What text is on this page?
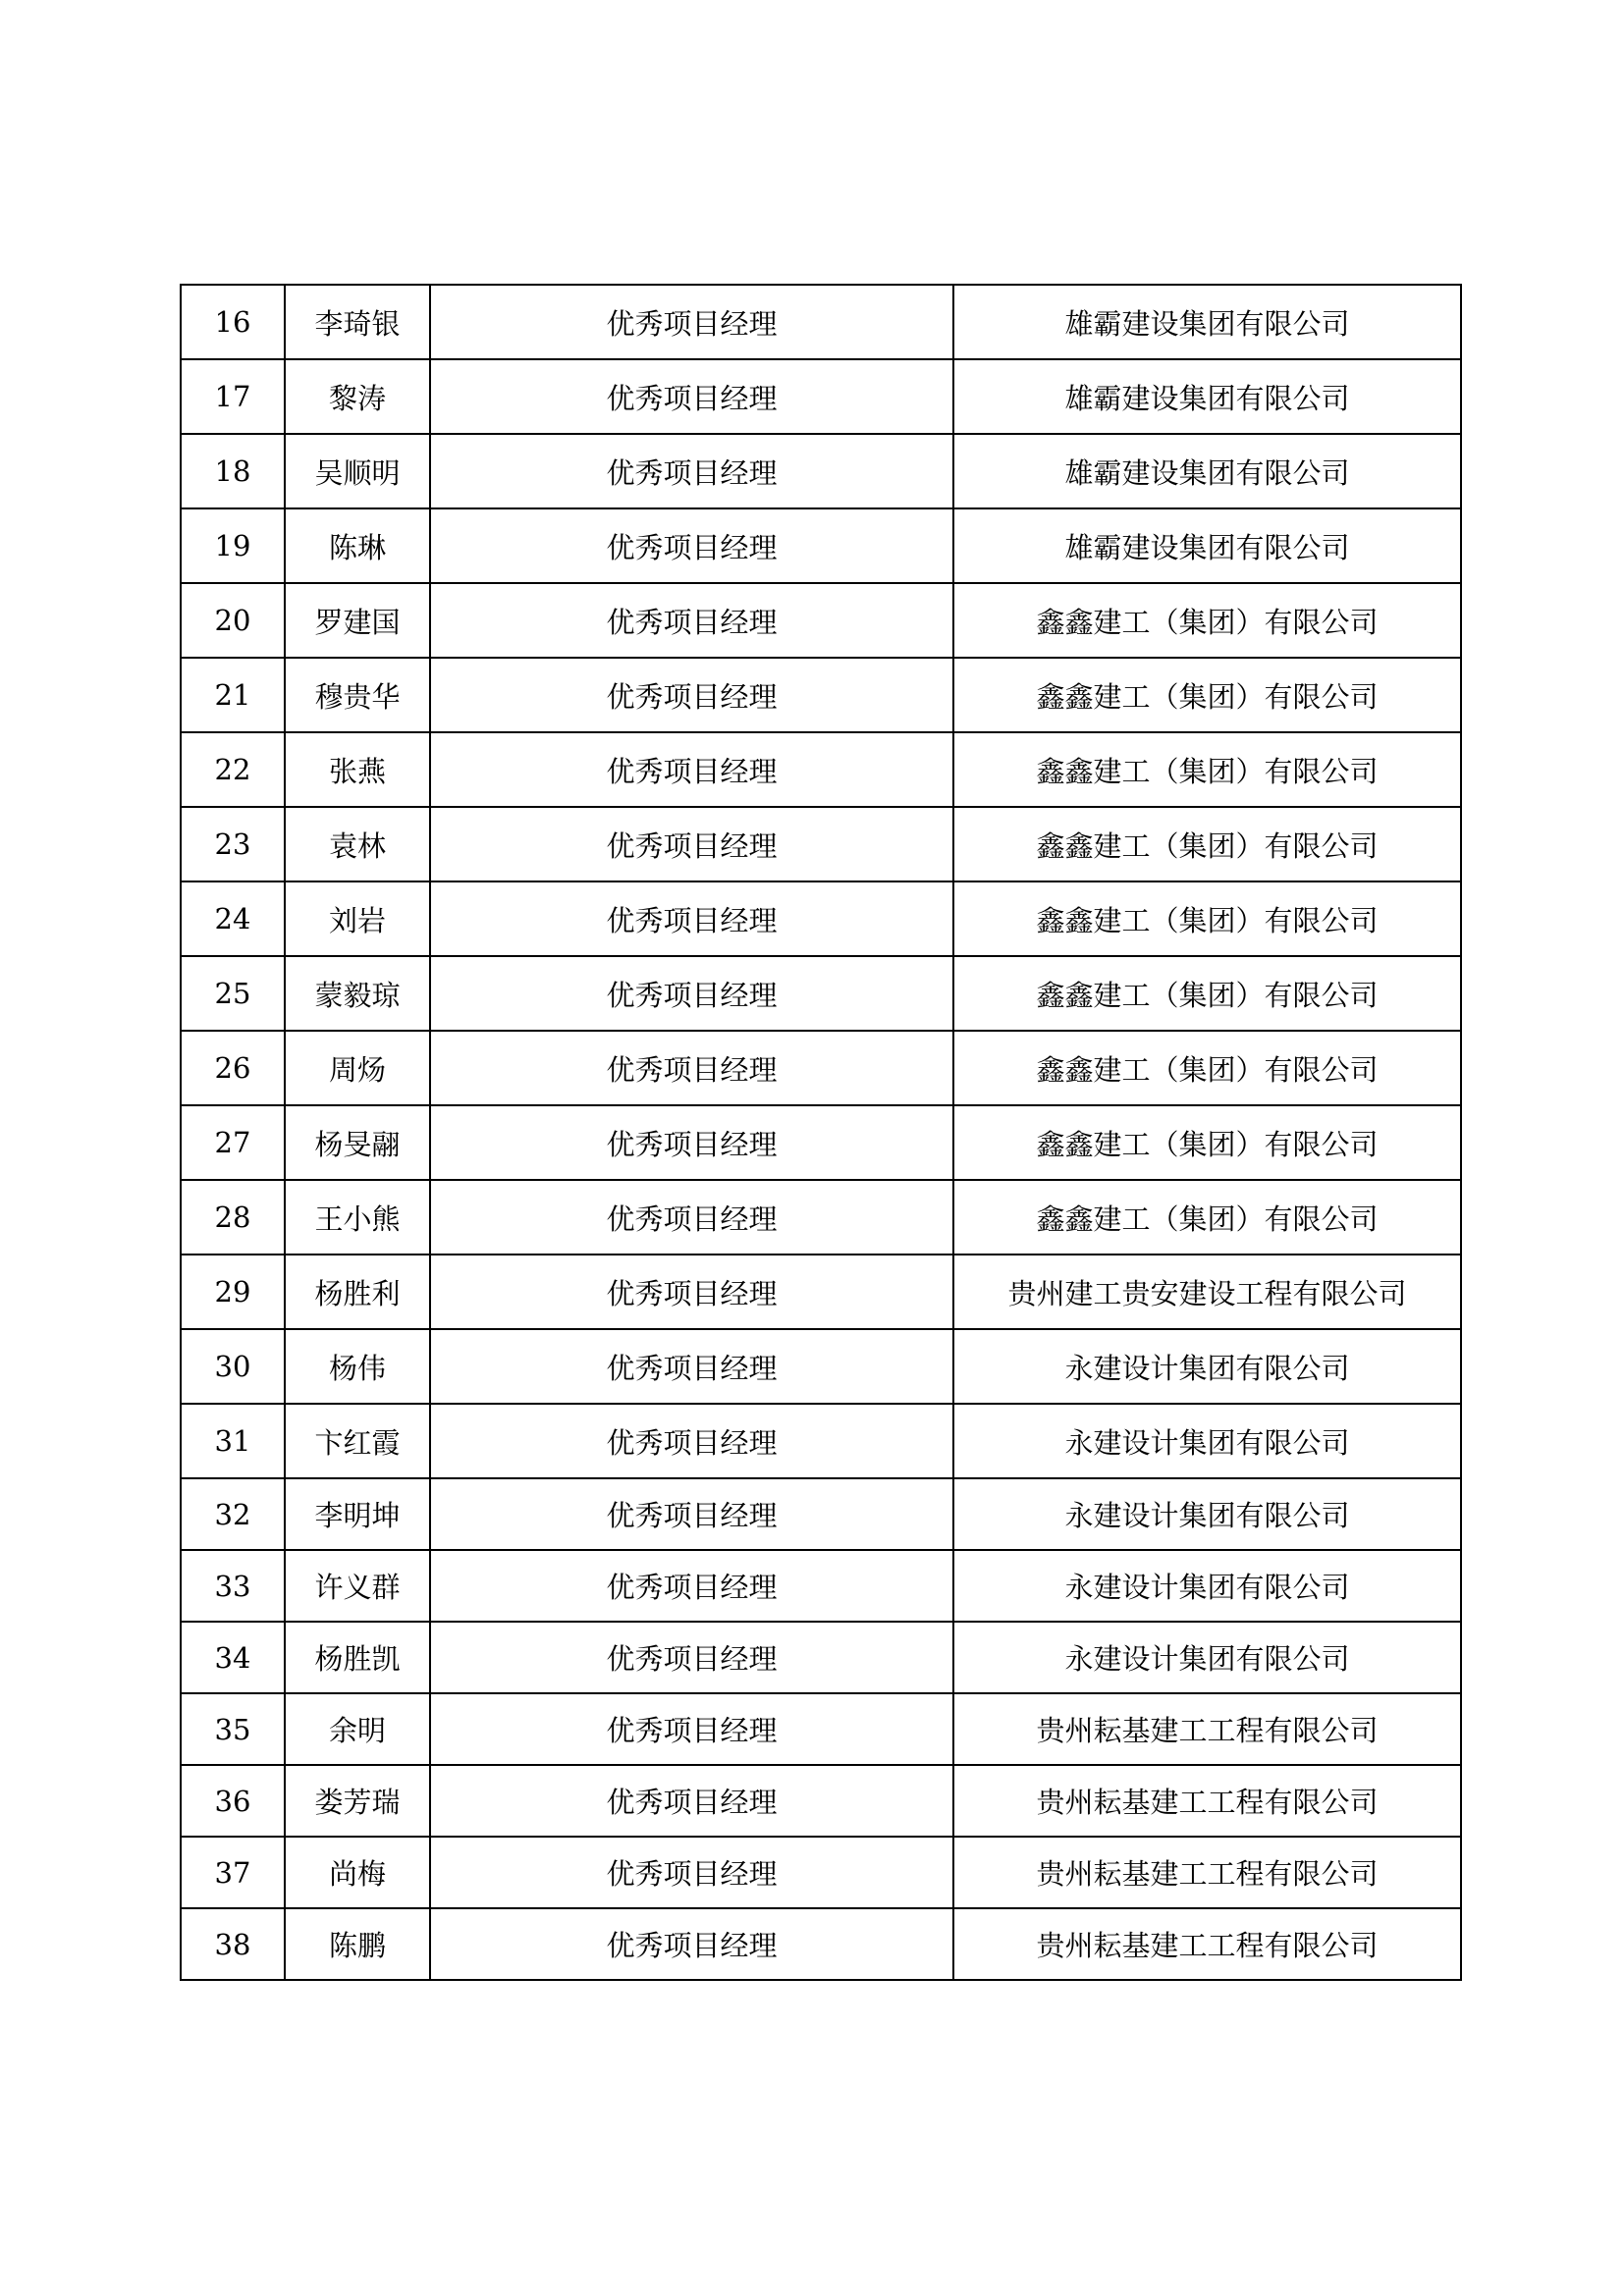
16	李琦银	优秀项目经理	雄霸建设集团有限公司
17	黎涛	优秀项目经理	雄霸建设集团有限公司
18	吴顺明	优秀项目经理	雄霸建设集团有限公司
19	陈琳	优秀项目经理	雄霸建设集团有限公司
20	罗建国	优秀项目经理	鑫鑫建工（集团）有限公司
21	穆贵华	优秀项目经理	鑫鑫建工（集团）有限公司
22	张燕	优秀项目经理	鑫鑫建工（集团）有限公司
23	袁林	优秀项目经理	鑫鑫建工（集团）有限公司
24	刘岩	优秀项目经理	鑫鑫建工（集团）有限公司
25	蒙毅琼	优秀项目经理	鑫鑫建工（集团）有限公司
26	周炀	优秀项目经理	鑫鑫建工（集团）有限公司
27	杨旻翮	优秀项目经理	鑫鑫建工（集团）有限公司
28	王小熊	优秀项目经理	鑫鑫建工（集团）有限公司
29	杨胜利	优秀项目经理	贵州建工贵安建设工程有限公司
30	杨伟	优秀项目经理	永建设计集团有限公司
31	卞红霞	优秀项目经理	永建设计集团有限公司
32	李明坤	优秀项目经理	永建设计集团有限公司
33	许义群	优秀项目经理	永建设计集团有限公司
34	杨胜凯	优秀项目经理	永建设计集团有限公司
35	余明	优秀项目经理	贵州耘基建工工程有限公司
36	娄芳瑞	优秀项目经理	贵州耘基建工工程有限公司
37	尚梅	优秀项目经理	贵州耘基建工工程有限公司
38	陈鹏	优秀项目经理	贵州耘基建工工程有限公司
